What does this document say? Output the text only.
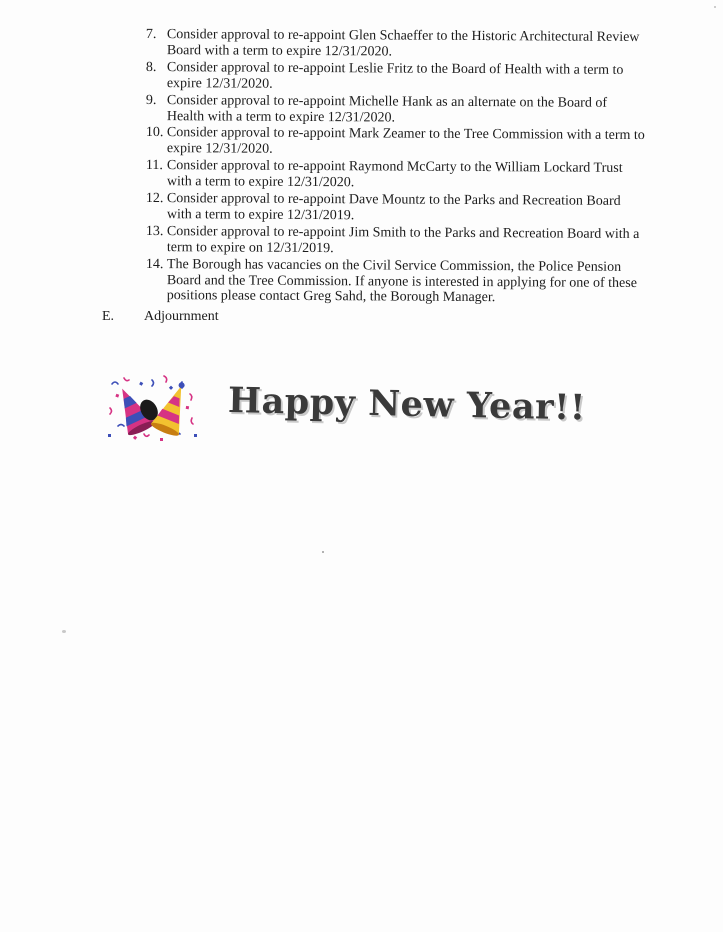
7. Consider approval to re-appoint Glen Schaeffer to the Historic Architectural Review Board with a term to expire 12/31/2020.
8. Consider approval to re-appoint Leslie Fritz to the Board of Health with a term to expire 12/31/2020.
9. Consider approval to re-appoint Michelle Hank as an alternate on the Board of Health with a term to expire 12/31/2020.
10. Consider approval to re-appoint Mark Zeamer to the Tree Commission with a term to expire 12/31/2020.
11. Consider approval to re-appoint Raymond McCarty to the William Lockard Trust with a term to expire 12/31/2020.
12. Consider approval to re-appoint Dave Mountz to the Parks and Recreation Board with a term to expire 12/31/2019.
13. Consider approval to re-appoint Jim Smith to the Parks and Recreation Board with a term to expire on 12/31/2019.
14. The Borough has vacancies on the Civil Service Commission, the Police Pension Board and the Tree Commission. If anyone is interested in applying for one of these positions please contact Greg Sahd, the Borough Manager.
E. Adjournment
Happy New Year!!
